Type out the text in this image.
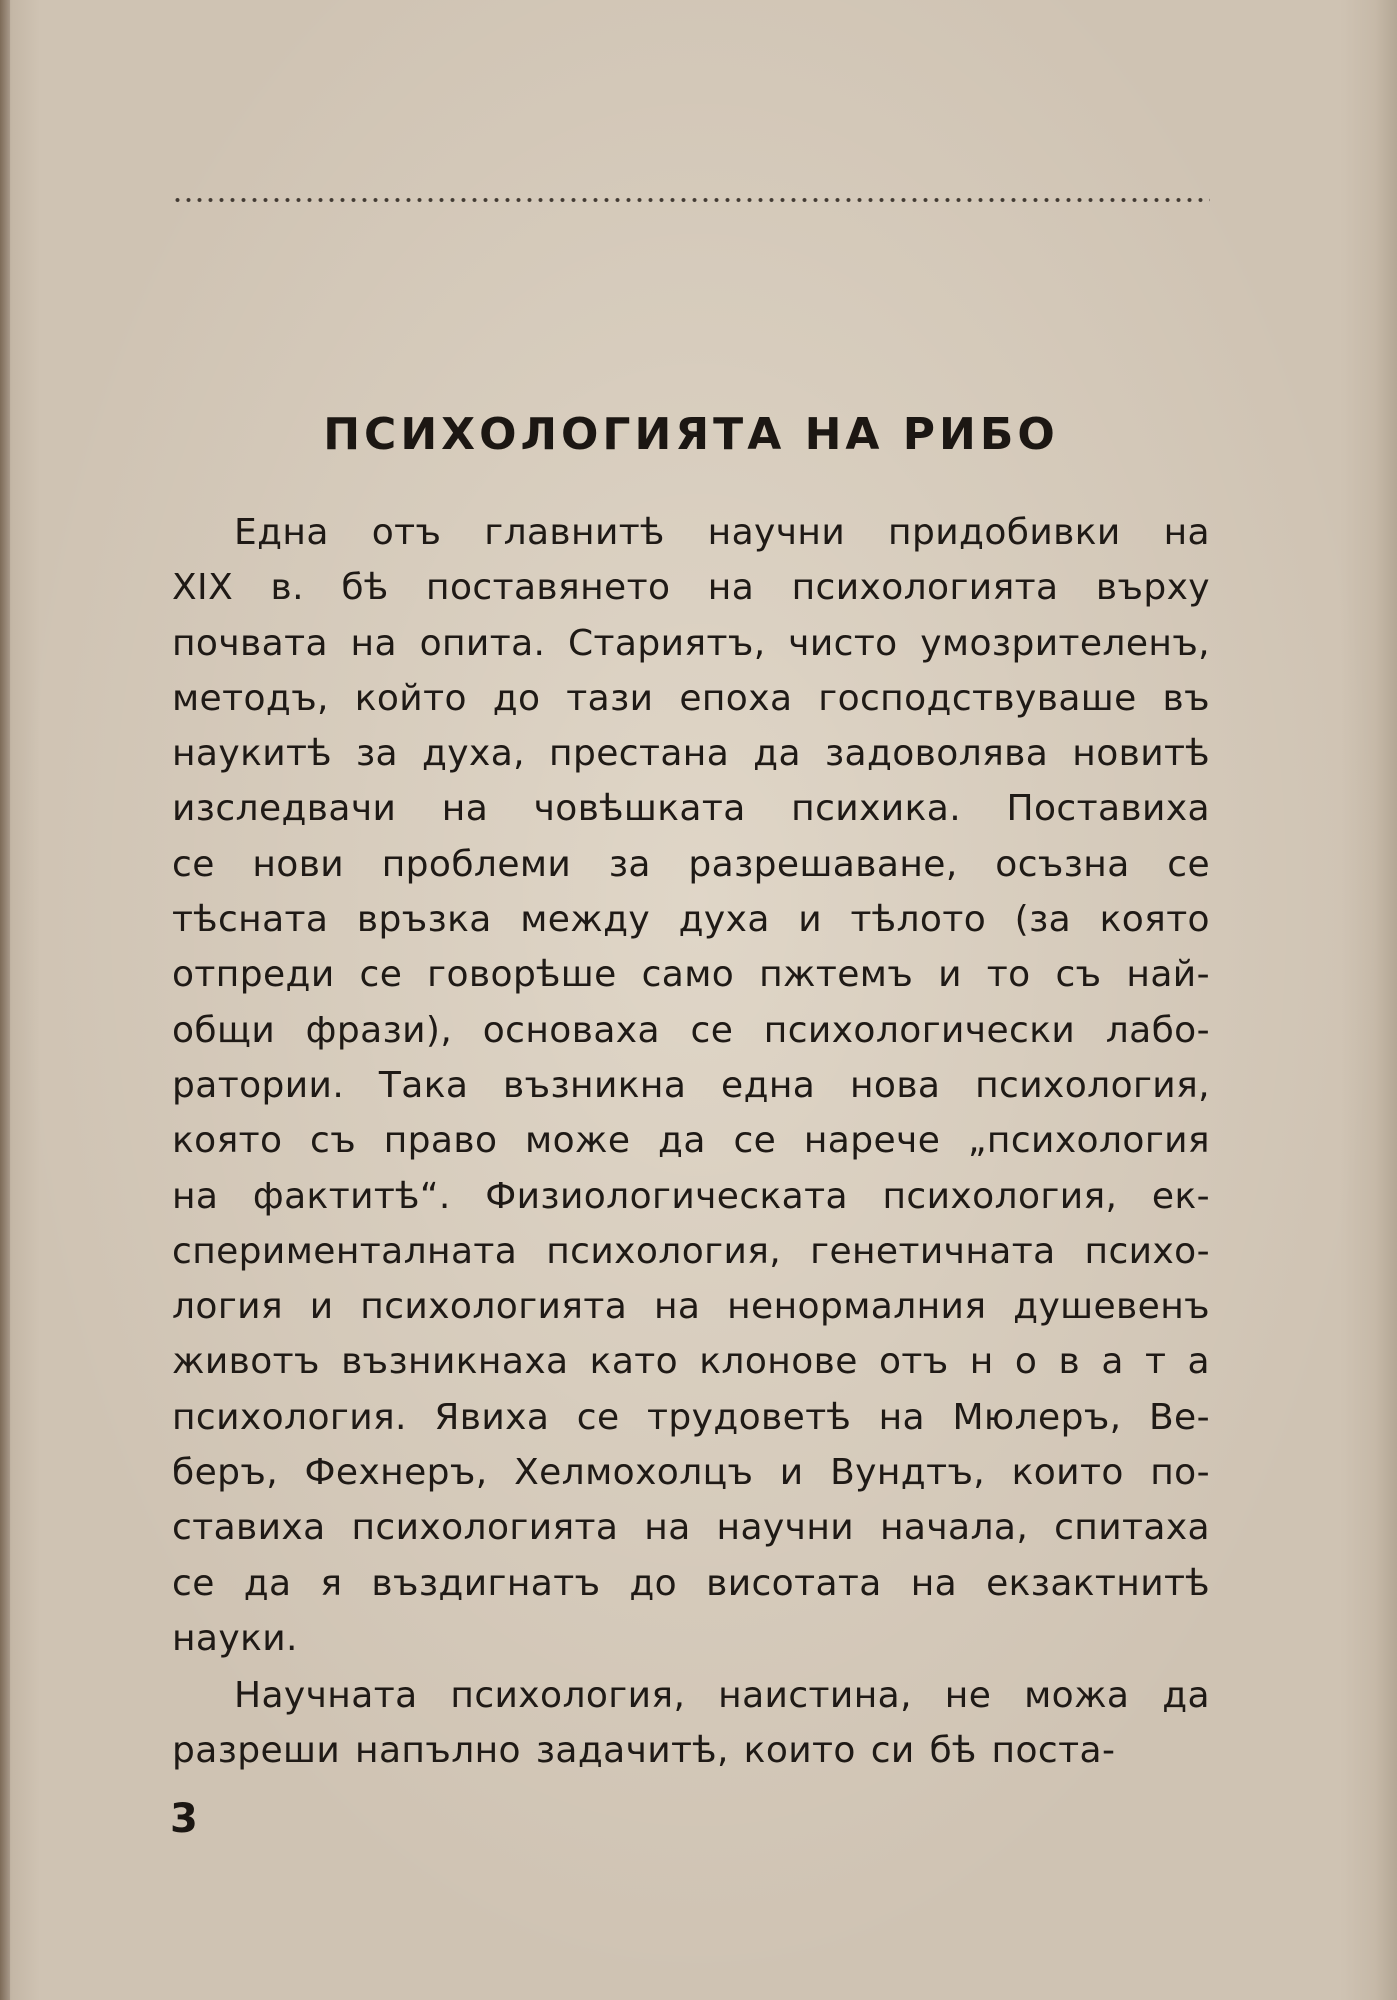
ПСИХОЛОГИЯТА НА РИБО
Една отъ главнитѣ научни придобивки на
XIX в. бѣ поставянето на психологията върху
почвата на опита. Стариятъ, чисто умозрителенъ,
методъ, който до тази епоха господствуваше въ
наукитѣ за духа, престана да задоволява новитѣ
изследвачи на човѣшката психика. Поставиха
се нови проблеми за разрешаване, осъзна се
тѣсната връзка между духа и тѣлото (за която
отпреди се говорѣше само пжтемъ и то съ най-
общи фрази), основаха се психологически лабо-
ратории. Така възникна една нова психология,
която съ право може да се нарече „психология
на фактитѣ“. Физиологическата психология, ек-
сперименталната психология, генетичната психо-
логия и психологията на ненормалния душевенъ
животъ възникнаха като клонове отъ н о в а т а
психология. Явиха се трудоветѣ на Мюлеръ, Ве-
беръ, Фехнеръ, Хелмохолцъ и Вундтъ, които по-
ставиха психологията на научни начала, спитаха
се да я въздигнатъ до висотата на екзактнитѣ
науки.
Научната психология, наистина, не можа да
разреши напълно задачитѣ, които си бѣ поста-
3
